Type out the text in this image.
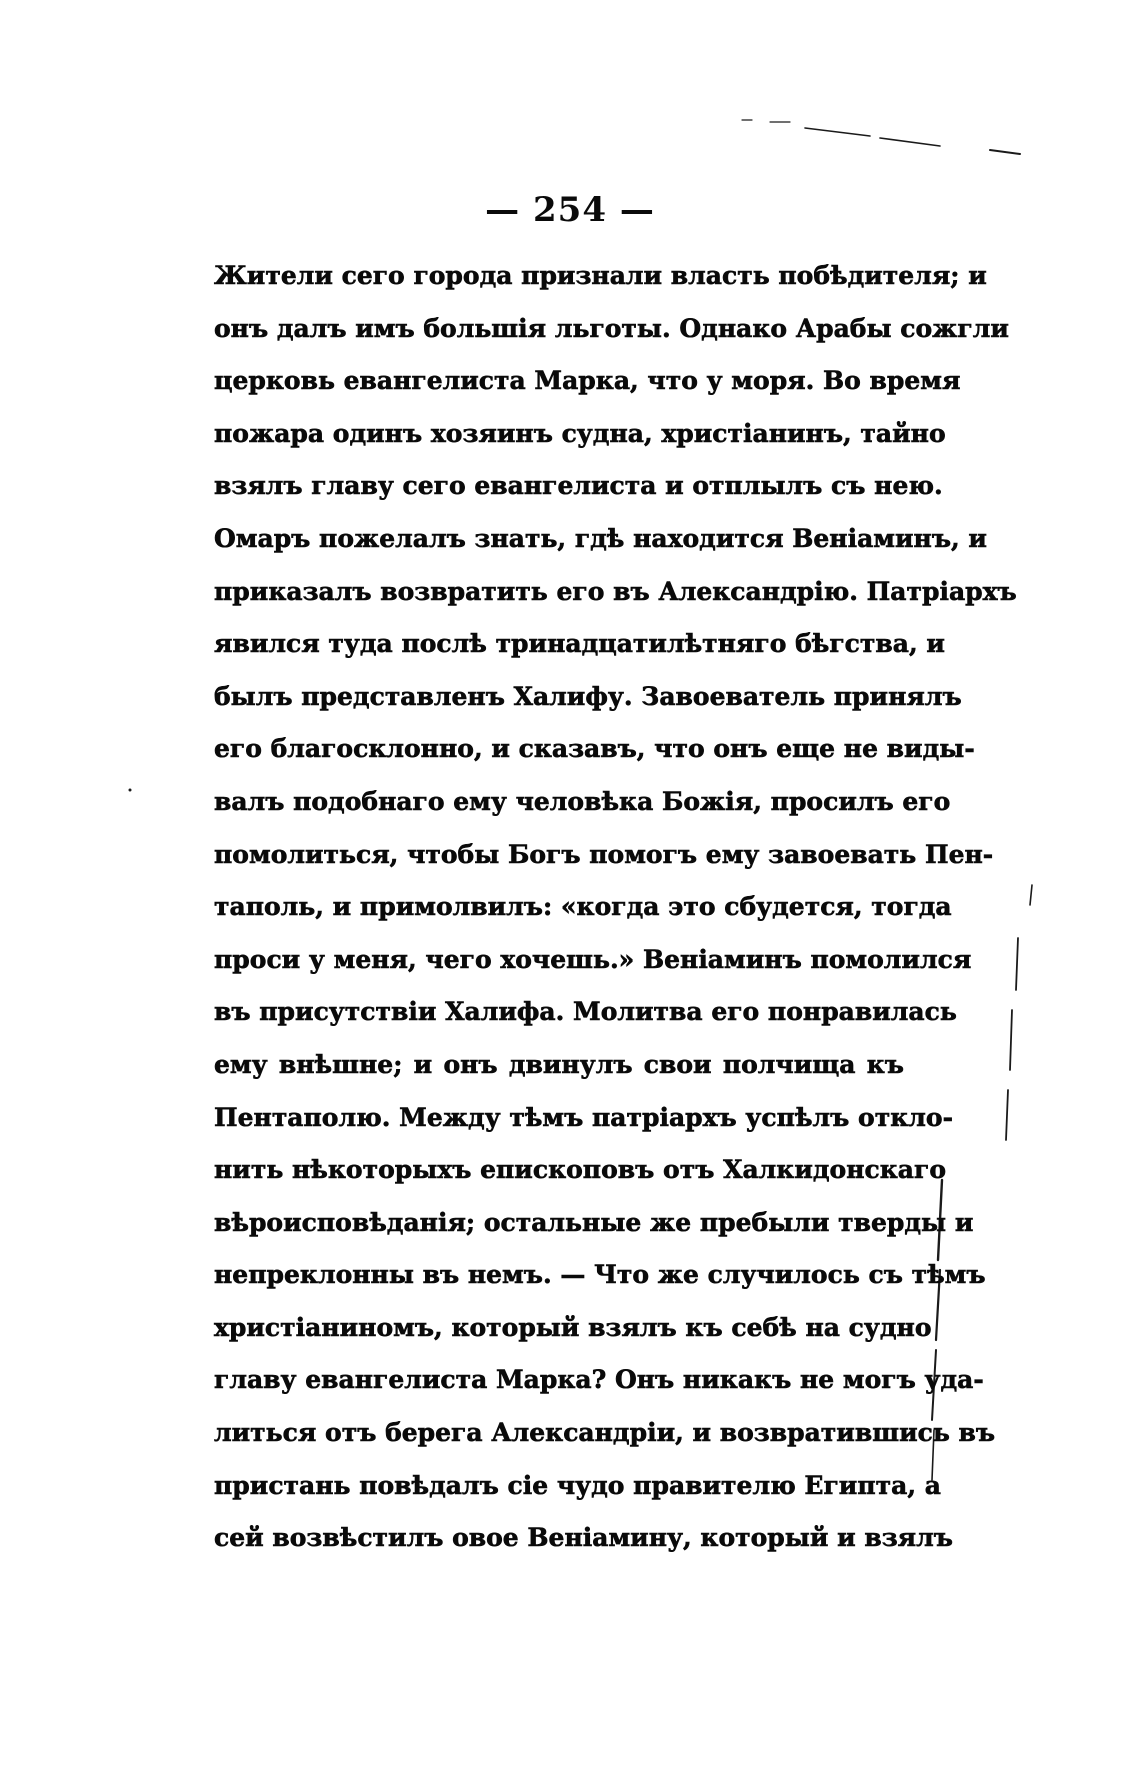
— 254 —
Жители сего города признали власть побѣдителя; и
онъ далъ имъ большія льготы. Однако Арабы сожгли
церковь евангелиста Марка, что у моря. Во время
пожара одинъ хозяинъ судна, христіанинъ, тайно
взялъ главу сего евангелиста и отплылъ съ нею.
Омаръ пожелалъ знать, гдѣ находится Веніаминъ, и
приказалъ возвратить его въ Александрію. Патріархъ
явился туда послѣ тринадцатилѣтняго бѣгства, и
былъ представленъ Халифу. Завоеватель принялъ
его благосклонно, и сказавъ, что онъ еще не виды-
валъ подобнаго ему человѣка Божія, просилъ его
помолиться, чтобы Богъ помогъ ему завоевать Пен-
таполь, и примолвилъ: «когда это сбудется, тогда
проси у меня, чего хочешь.» Веніаминъ помолился
въ присутствіи Халифа. Молитва его понравилась
ему внѣшне; и онъ двинулъ свои полчища къ
Пентаполю. Между тѣмъ патріархъ успѣлъ откло-
нить нѣкоторыхъ епископовъ отъ Халкидонскаго
вѣроисповѣданія; остальные же пребыли тверды и
непреклонны въ немъ. — Что же случилось съ тѣмъ
христіаниномъ, который взялъ къ себѣ на судно
главу евангелиста Марка? Онъ никакъ не могъ уда-
литься отъ берега Александріи, и возвратившись въ
пристань повѣдалъ сіе чудо правителю Египта, а
сей возвѣстилъ овое Веніамину, который и взялъ
